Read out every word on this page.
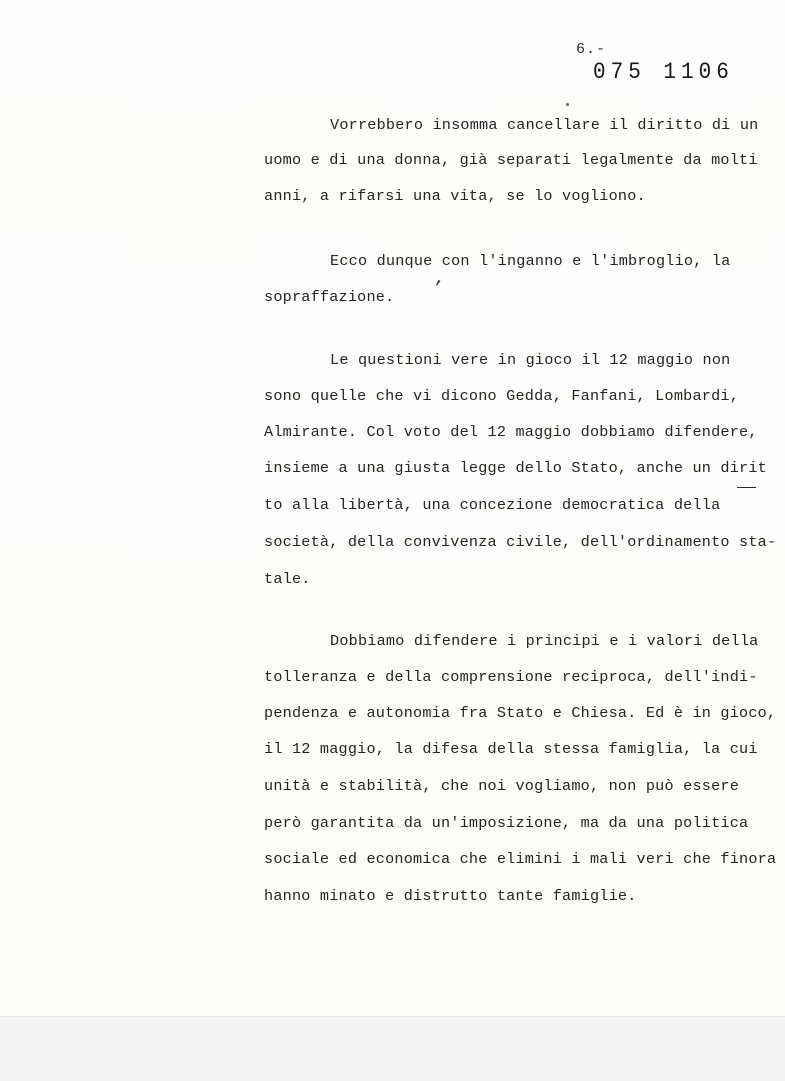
6.-
075 1106
Vorrebbero insomma cancellare il diritto di un
uomo e di una donna, già separati legalmente da molti
anni, a rifarsi una vita, se lo vogliono.
Ecco dunque con l'inganno e l'imbroglio, la
,
sopraffazione.
Le questioni vere in gioco il 12 maggio non
sono quelle che vi dicono Gedda, Fanfani, Lombardi,
Almirante. Col voto del 12 maggio dobbiamo difendere,
insieme a una giusta legge dello Stato, anche un dirit
to alla libertà, una concezione democratica della
società, della convivenza civile, dell'ordinamento sta-
tale.
Dobbiamo difendere i principi e i valori della
tolleranza e della comprensione reciproca, dell'indi-
pendenza e autonomia fra Stato e Chiesa. Ed è in gioco,
il 12 maggio, la difesa della stessa famiglia, la cui
unità e stabilità, che noi vogliamo, non può essere
però garantita da un'imposizione, ma da una politica
sociale ed economica che elimini i mali veri che finora
hanno minato e distrutto tante famiglie.
